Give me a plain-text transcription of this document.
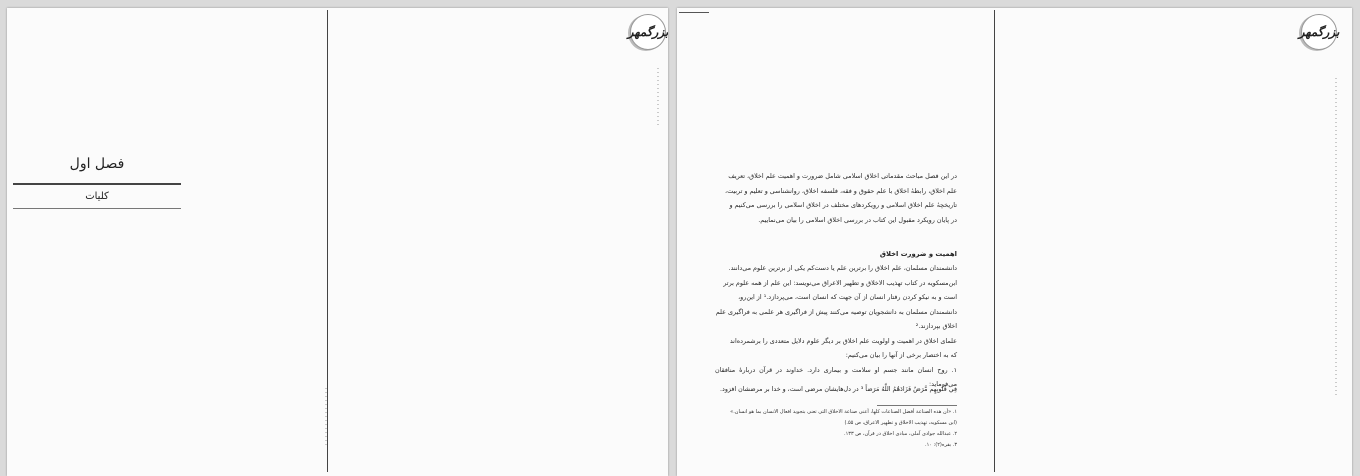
بزرگمهر
فصل اول
کلیات
بزرگمهر
در این فصل مباحث مقدماتی اخلاق اسلامی شامل ضرورت و اهمیت علم اخلاق، تعریف
علم اخلاق، رابطهٔ اخلاق با علم حقوق و فقه، فلسفه اخلاق، روانشناسی و تعلیم و تربیت،
تاریخچهٔ علم اخلاق اسلامی و رویکردهای مختلف در اخلاق اسلامی را بررسی می‌کنیم و
در پایان رویکرد مقبول این کتاب در بررسی اخلاق اسلامی را بیان می‌نماییم.
اهمیت و ضرورت اخلاق
دانشمندان مسلمان، علم اخلاق را برترین علم یا دست‌کم یکی از برترین علوم می‌دانند.
ابن‌مسکویه در کتاب تهذیب الاخلاق و تطهیر الاعراق می‌نویسد: این علم از همه علوم برتر
است و به نیکو کردن رفتار انسان از آن جهت که انسان است، می‌پردازد.¹ از این‌رو،
دانشمندان مسلمان به دانشجویان توصیه می‌کنند پیش از فراگیری هر علمی به فراگیری علم
اخلاق بپردازند.²
علمای اخلاق در اهمیت و اولویت علم اخلاق بر دیگر علوم دلایل متعددی را برشمرده‌اند
که به اختصار برخی از آنها را بیان می‌کنیم:
۱. روح انسان مانند جسم او سلامت و بیماری دارد. خداوند در قرآن دربارهٔ منافقان می‌فرماید:
فِي قُلُوبِهِم مَّرَضٌ فَزَادَهُمُ اللَّهُ مَرَضاً ³ در دل‌هایشان مرضی است، و خدا بر مرضشان افزود.
۱. «أن هذه الصناعة أفضل الصناعات کلها، أعنی صناعة الاخلاق التی تعنی بتجوید افعال الانسان بما هو انسان.»
(ابن مسکویه، تهذیب الاخلاق و تطهیر الاعراق، ص ۵۵.)
۲. عبدالله جوادی آملی، مبادی اخلاق در قرآن، ص ۱۳۳.
۳. بقره(۲): ۱۰.
